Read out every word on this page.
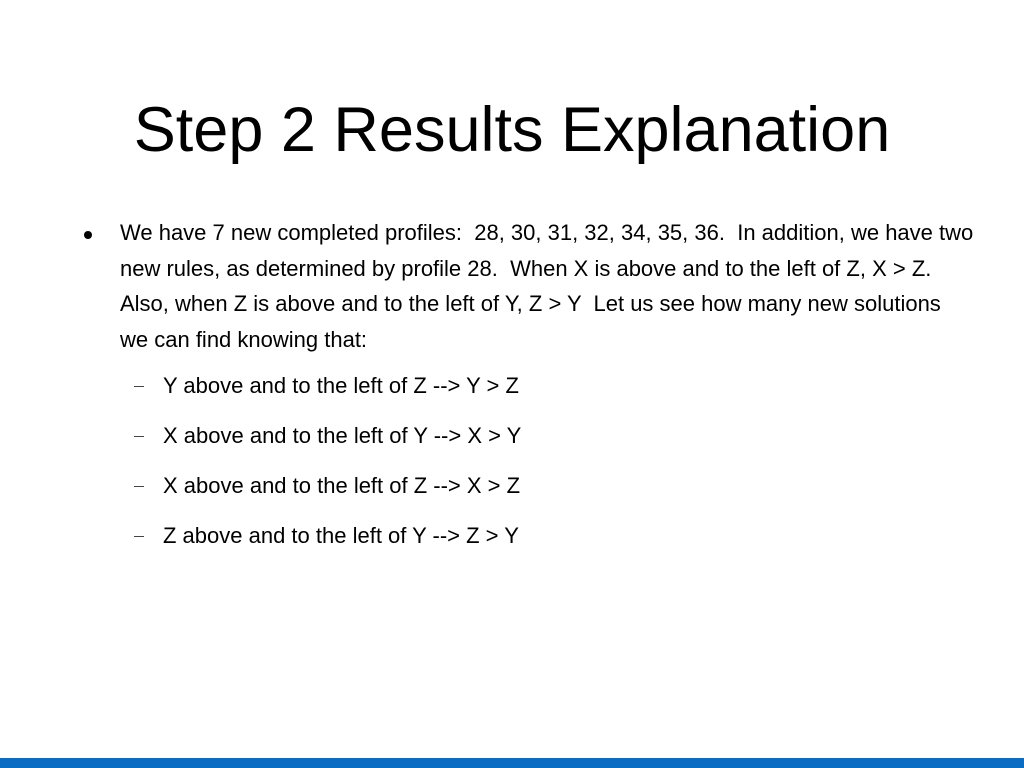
Step 2 Results Explanation
We have 7 new completed profiles:  28, 30, 31, 32, 34, 35, 36.  In addition, we have two new rules, as determined by profile 28.  When X is above and to the left of Z, X > Z.  Also, when Z is above and to the left of Y, Z > Y  Let us see how many new solutions we can find knowing that:
Y above and to the left of Z --> Y > Z
X above and to the left of Y --> X > Y
X above and to the left of Z --> X > Z
Z above and to the left of Y --> Z > Y
